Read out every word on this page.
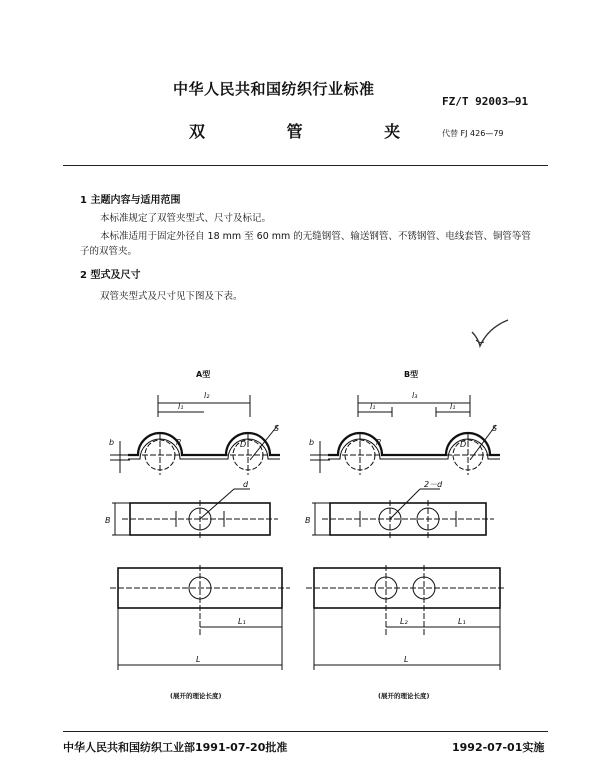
中华人民共和国纺织行业标准
FZ/T 92003—91
双 管 夹 代替 FJ 426—79
1 主题内容与适用范围
本标准规定了双管夹型式、尺寸及标记。
本标准适用于固定外径自 18 mm 至 60 mm 的无缝钢管、输送钢管、不锈钢管、电线套管、铜管等管
子的双管夹。
2 型式及尺寸
双管夹型式及尺寸见下图及下表。
A型
l₂
l₁
b	R	D
S
d
B
L₁
L
(展开的理论长度)
B型
l₃
l₁	l₁
b	R	D
S
2－d
B
L₂	L₁
L
(展开的理论长度)
中华人民共和国纺织工业部1991-07-20批准	1992-07-01实施
